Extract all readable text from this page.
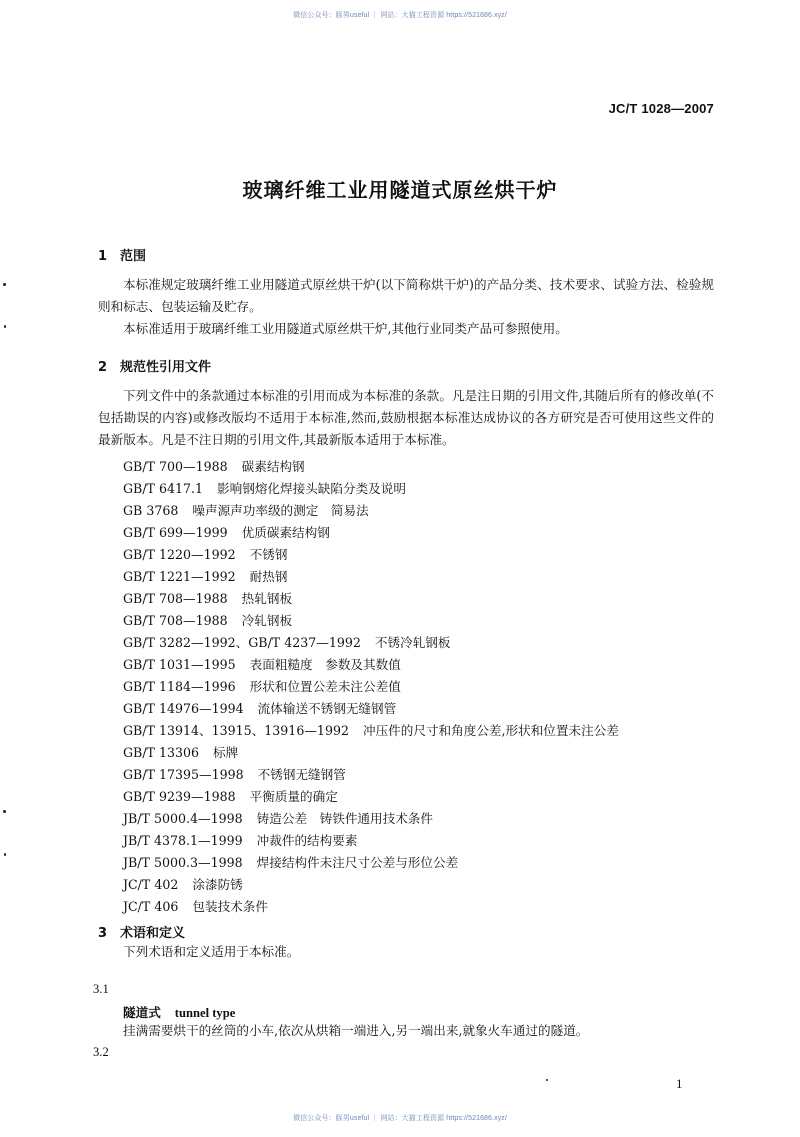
微信公众号：豚男useful ｜ 网站：大猫工程资源 https://521686.xyz/
JC/T 1028—2007
玻璃纤维工业用隧道式原丝烘干炉
1 范围
本标准规定玻璃纤维工业用隧道式原丝烘干炉(以下简称烘干炉)的产品分类、技术要求、试验方法、检验规则和标志、包装运输及贮存。
本标准适用于玻璃纤维工业用隧道式原丝烘干炉,其他行业同类产品可参照使用。
2 规范性引用文件
下列文件中的条款通过本标准的引用而成为本标准的条款。凡是注日期的引用文件,其随后所有的修改单(不包括勘误的内容)或修改版均不适用于本标准,然而,鼓励根据本标准达成协议的各方研究是否可使用这些文件的最新版本。凡是不注日期的引用文件,其最新版本适用于本标准。
GB/T 700—1988 碳素结构钢
GB/T 6417.1 影响钢熔化焊接头缺陷分类及说明
GB 3768 噪声源声功率级的测定　简易法
GB/T 699—1999 优质碳素结构钢
GB/T 1220—1992 不锈钢
GB/T 1221—1992 耐热钢
GB/T 708—1988 热轧钢板
GB/T 708—1988 冷轧钢板
GB/T 3282—1992、GB/T 4237—1992 不锈冷轧钢板
GB/T 1031—1995 表面粗糙度　参数及其数值
GB/T 1184—1996 形状和位置公差未注公差值
GB/T 14976—1994 流体输送不锈钢无缝钢管
GB/T 13914、13915、13916—1992 冲压件的尺寸和角度公差,形状和位置未注公差
GB/T 13306 标牌
GB/T 17395—1998 不锈钢无缝钢管
GB/T 9239—1988 平衡质量的确定
JB/T 5000.4—1998 铸造公差　铸铁件通用技术条件
JB/T 4378.1—1999 冲裁件的结构要素
JB/T 5000.3—1998 焊接结构件未注尺寸公差与形位公差
JC/T 402 涂漆防锈
JC/T 406 包装技术条件
3 术语和定义
下列术语和定义适用于本标准。
3.1
隧道式 tunnel type
挂满需要烘干的丝筒的小车,依次从烘箱一端进入,另一端出来,就象火车通过的隧道。
3.2
1
微信公众号：豚男useful ｜ 网站：大猫工程资源 https://521686.xyz/
